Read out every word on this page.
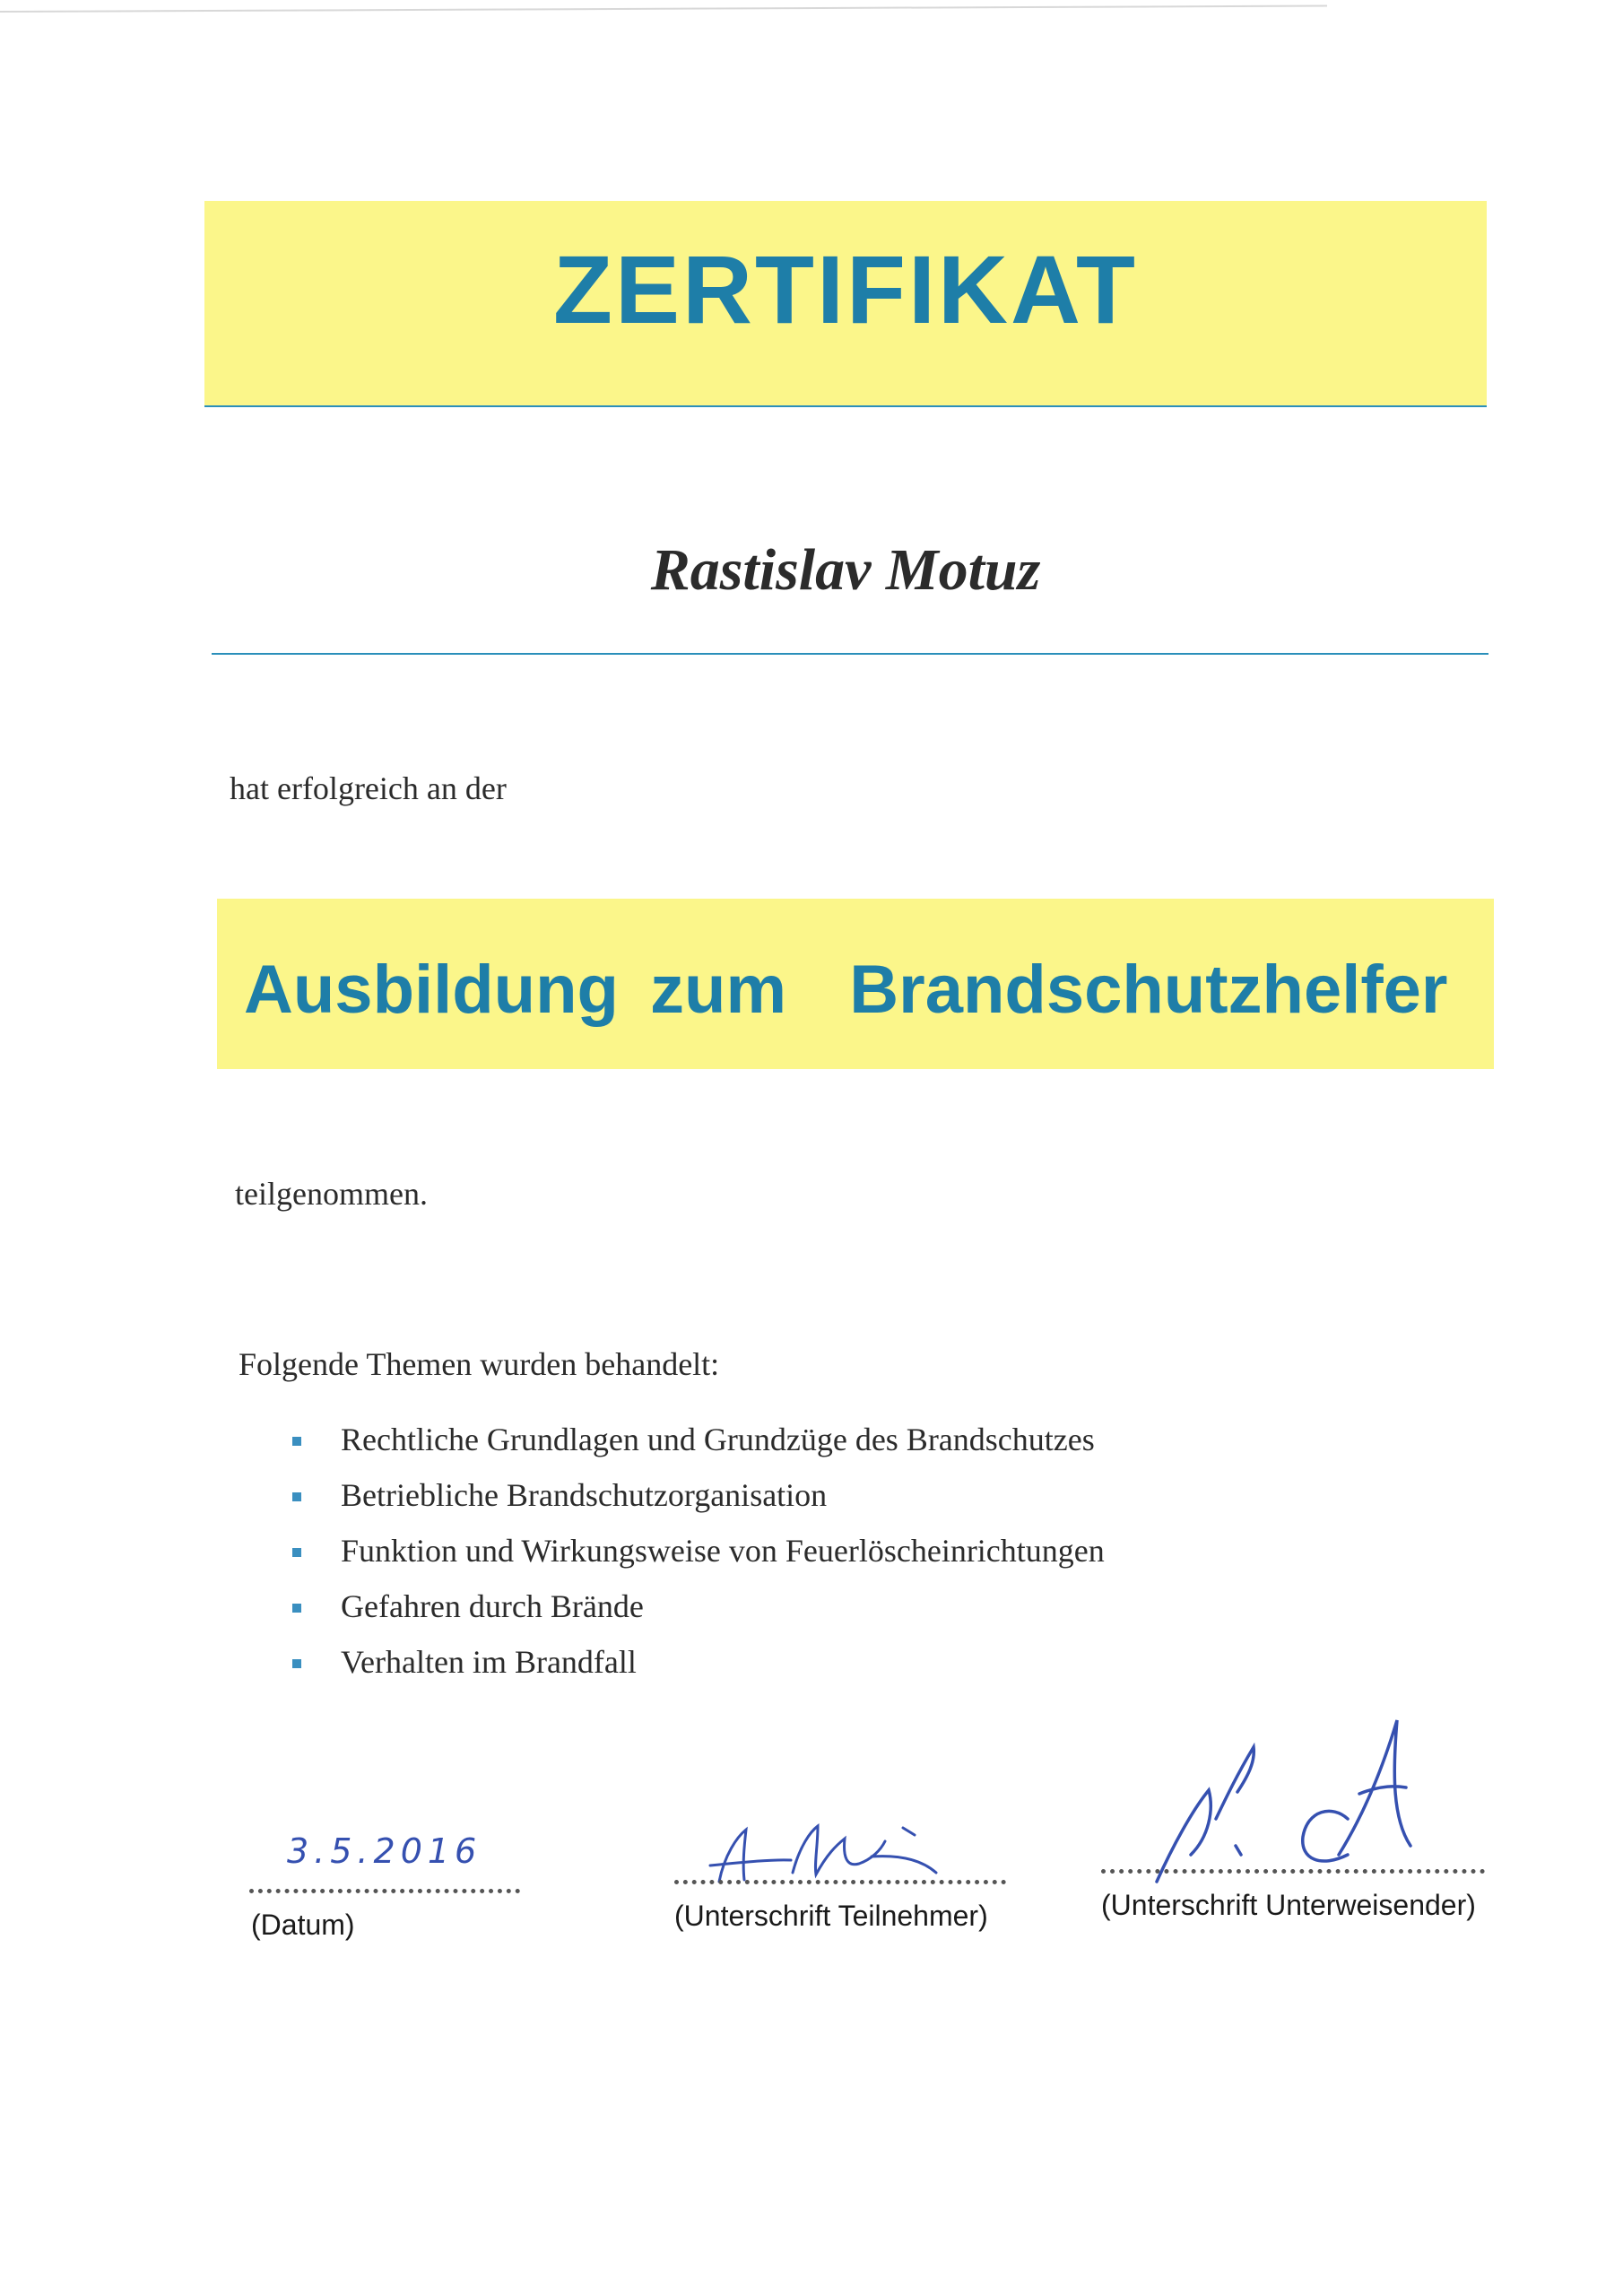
ZERTIFIKAT
Rastislav Motuz
hat erfolgreich an der
Ausbildung zum  Brandschutzhelfer
teilgenommen.
Folgende Themen wurden behandelt:
Rechtliche Grundlagen und Grundzüge des Brandschutzes
Betriebliche Brandschutzorganisation
Funktion und Wirkungsweise von Feuerlöscheinrichtungen
Gefahren durch Brände
Verhalten im Brandfall
3.5.2016
(Datum)	(Unterschrift Teilnehmer)	(Unterschrift Unterweisender)
